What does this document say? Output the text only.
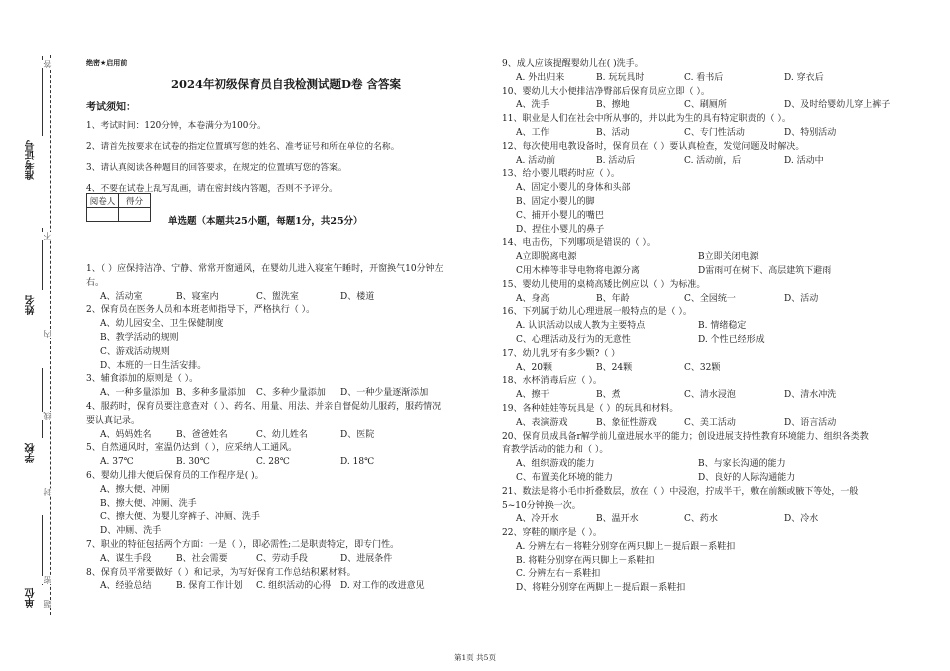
准考证号
姓名
学校
单位
答
不
内
线
封
密
题
绝密★启用前
2024年初级保育员自我检测试题D卷 含答案
考试须知：
1、考试时间：120分钟，本卷满分为100分。
2、请首先按要求在试卷的指定位置填写您的姓名、准考证号和所在单位的名称。
3、请认真阅读各种题目的回答要求，在规定的位置填写您的答案。
4、不要在试卷上乱写乱画，请在密封线内答题，否则不予评分。
阅卷人	得分

单选题（本题共25小题，每题1分，共25分）
1、（ ）应保持洁净、宁静、常常开窗通风，在婴幼儿进入寝室午睡时，开窗换气10分钟左
右。
A、活动室	B、寝室内	C、盥洗室	D、楼道
2、保育员在医务人员和本班老师指导下，严格执行（ ）。
A、幼儿园安全、卫生保健制度
B、教学活动的规则
C、游戏活动规则
D、本班的一日生活安排。
3、辅食添加的原则是（ ）。
A、一种多量添加 B、多种多量添加	C、多种少量添加	D、一种少量逐渐添加
4、服药时，保育员要注意查对（ ）、药名、用量、用法、并亲自督促幼儿服药，服药情况
要认真记录。
A、妈妈姓名	B、爸爸姓名	C、幼儿姓名	D、医院
5、自然通风时，室温仍达到（ ），应采纳人工通风。
A. 37℃	B. 30℃	C. 28℃	D. 18℃
6、婴幼儿排大便后保育员的工作程序是( )。
A、擦大便、冲厕
B、擦大便、冲厕、洗手
C、擦大便、为婴儿穿裤子、冲厕、洗手
D、冲厕、洗手
7、职业的特征包括两个方面：一是（ ），即必需性;二是职责特定，即专门性。
A、谋生手段	B、社会需要	C、劳动手段	D、进展条件
8、保育员平常要做好（ ）和记录，为写好保育工作总结积累材料。
A、经验总结	B. 保育工作计划	C. 组织活动的心得 D. 对工作的改进意见
9、成人应该提醒婴幼儿在( )洗手。
A. 外出归来	B. 玩玩具时	C. 看书后	D. 穿衣后
10、婴幼儿大小便排洁净臀部后保育员应立即（ ）。
A、洗手	B、擦地	C、刷厕所	D、及时给婴幼儿穿上裤子
11、职业是人们在社会中所从事的，并以此为生的具有特定职责的（ ）。
A、工作	B、活动	C、专门性活动	D、特别活动
12、每次使用电教设备时，保育员在（ ）要认真检查，发觉问题及时解决。
A. 活动前	B. 活动后	C. 活动前，后	D. 活动中
13、给小婴儿喂药时应（ ）。
A、固定小婴儿的身体和头部
B、固定小婴儿的脚
C、捕开小婴儿的嘴巴
D、捏住小婴儿的鼻子
14、电击伤，下列哪项是错误的（ ）。
A立即脱离电源	B立即关闭电源
C用木棒等非导电物将电源分离	D雷雨可在树下、高层建筑下避雨
15、婴幼儿使用的桌椅高矮比例应以（ ）为标准。
A、身高	B、年龄	C、全园统一	D、活动
16、下列属于幼儿心理进展一般特点的是（ ）。
A. 认识活动以成人教为主要特点	B. 情绪稳定
C、心理活动及行为的无意性	D. 个性已经形成
17、幼儿乳牙有多少颗?（ ）
A、20颗	B、24颗	C、32颗
18、水杯消毒后应（ ）。
A、擦干	B、煮	C、清水浸泡	D、清水冲洗
19、各种娃娃等玩具是（ ）的玩具和材料。
A、表演游戏	B、象征性游戏	C、美工活动	D、语言活动
20、保育员成具备r解学前儿童进展水平的能力；创设进展支持性教育环境能力、组织各类教
育教学活动的能力和（ ）。
A、组织游戏的能力	B、与家长沟通的能力
C、布置美化环境的能力	D、良好的人际沟通能力
21、数法是将小毛巾折叠数层，放在（ ）中浸泡，拧成半干，敷在前额或腋下等处，一般
5~10分钟换一次。
A、冷开水	B、温开水	C、药水	D、冷水
22、穿鞋的顺序是（ ）。
A. 分辨左右－将鞋分别穿在两只脚上－提后跟－系鞋扣
B. 将鞋分别穿在两只脚上－系鞋扣
C. 分辨左右－系鞋扣
D、将鞋分别穿在两脚上－提后跟－系鞋扣
第1页 共5页
